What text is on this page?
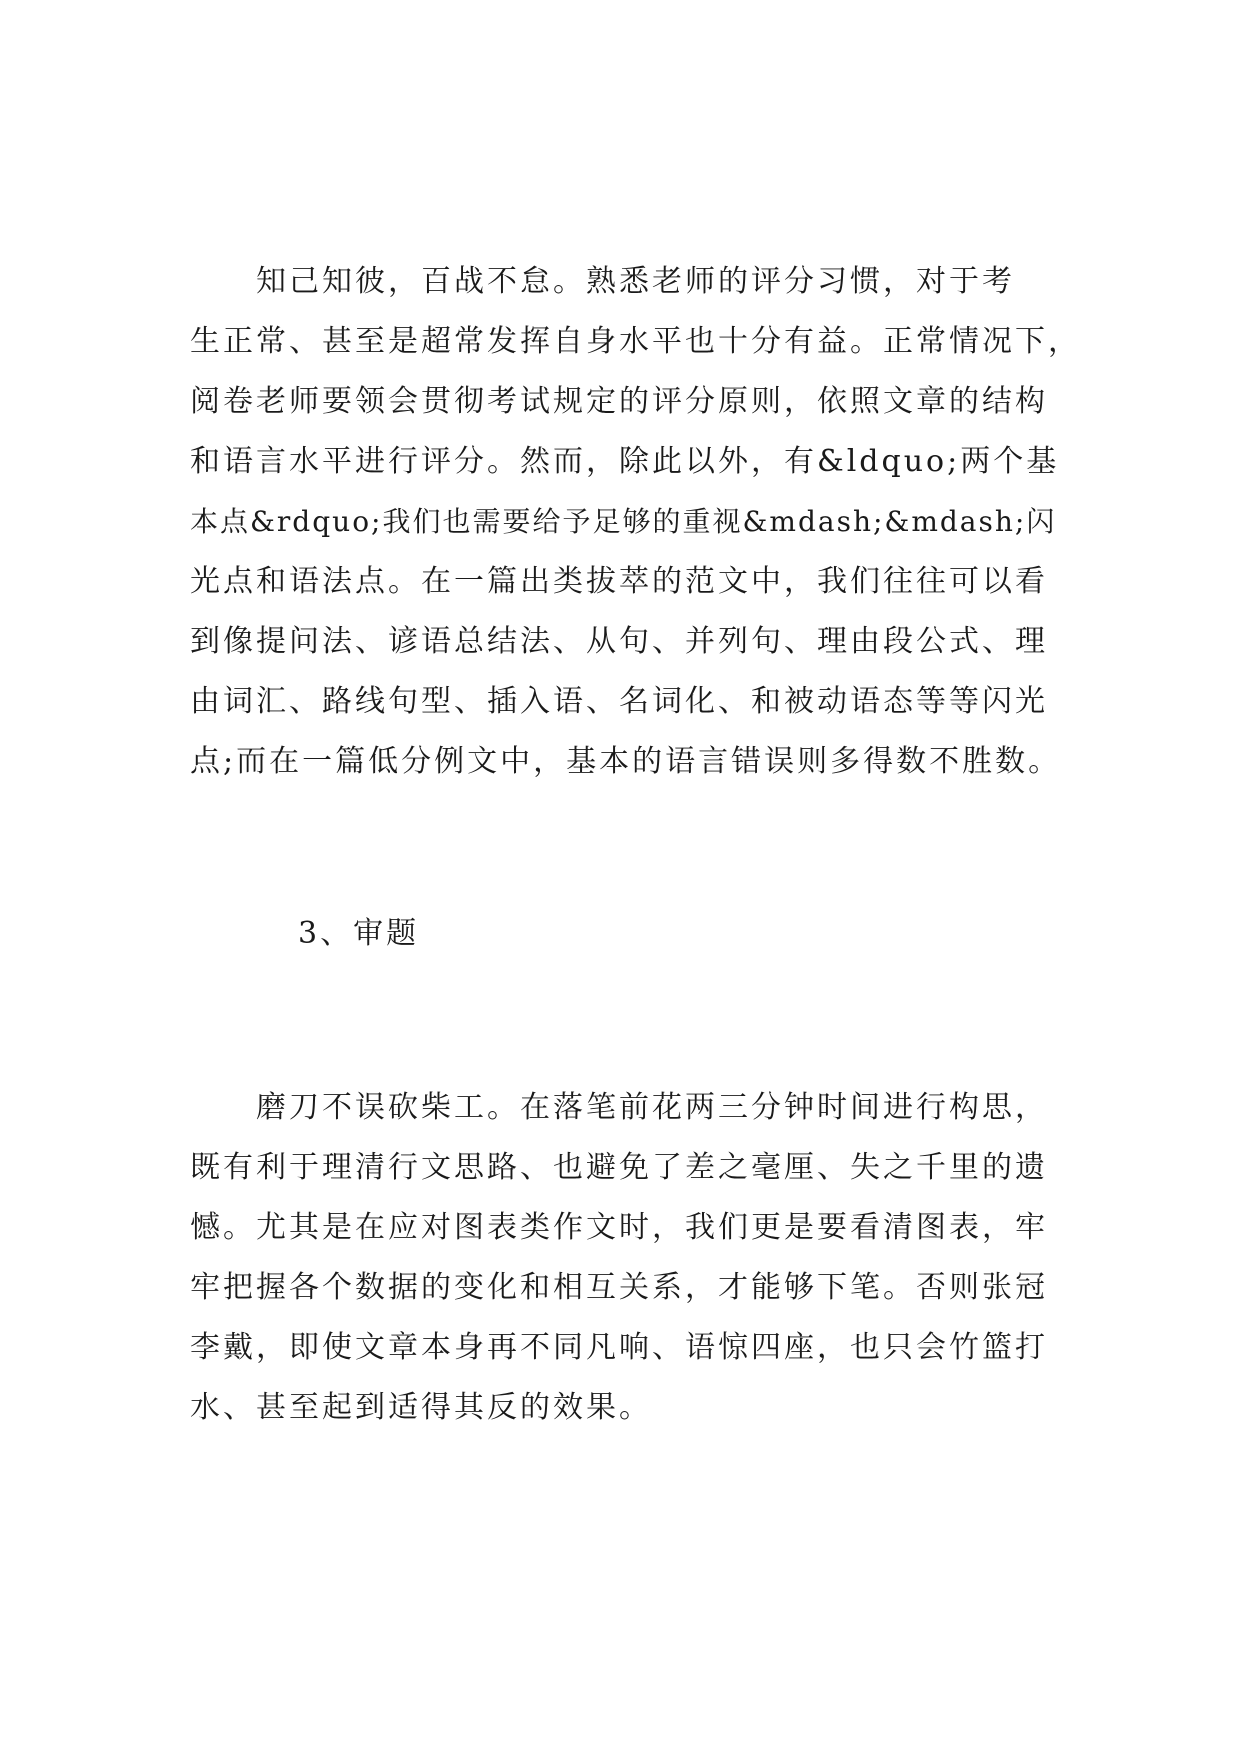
　　知己知彼，百战不怠。熟悉老师的评分习惯，对于考
生正常、甚至是超常发挥自身水平也十分有益。正常情况下，
阅卷老师要领会贯彻考试规定的评分原则，依照文章的结构
和语言水平进行评分。然而，除此以外，有&ldquo;两个基
本点&rdquo;我们也需要给予足够的重视&mdash;&mdash;闪
光点和语法点。在一篇出类拔萃的范文中，我们往往可以看
到像提问法、谚语总结法、从句、并列句、理由段公式、理
由词汇、路线句型、插入语、名词化、和被动语态等等闪光
点;而在一篇低分例文中，基本的语言错误则多得数不胜数。
3、审题
　　磨刀不误砍柴工。在落笔前花两三分钟时间进行构思，
既有利于理清行文思路、也避免了差之毫厘、失之千里的遗
憾。尤其是在应对图表类作文时，我们更是要看清图表，牢
牢把握各个数据的变化和相互关系，才能够下笔。否则张冠
李戴，即使文章本身再不同凡响、语惊四座，也只会竹篮打
水、甚至起到适得其反的效果。
